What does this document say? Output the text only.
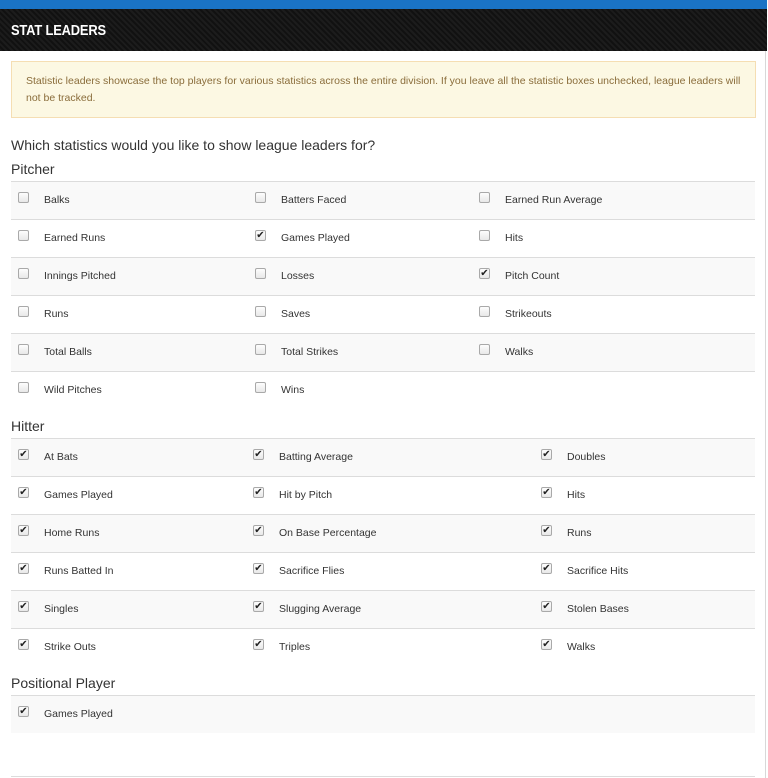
STAT LEADERS
Statistic leaders showcase the top players for various statistics across the entire division. If you leave all the statistic boxes unchecked, league leaders will not be tracked.
Which statistics would you like to show league leaders for?
Pitcher
Balks	Batters Faced	Earned Run Average
Earned Runs	✔ Games Played	Hits
Innings Pitched	Losses	✔ Pitch Count
Runs	Saves	Strikeouts
Total Balls	Total Strikes	Walks
Wild Pitches	Wins
Hitter
✔ At Bats	✔ Batting Average	✔ Doubles
✔ Games Played	✔ Hit by Pitch	✔ Hits
✔ Home Runs	✔ On Base Percentage	✔ Runs
✔ Runs Batted In	✔ Sacrifice Flies	✔ Sacrifice Hits
✔ Singles	✔ Slugging Average	✔ Stolen Bases
✔ Strike Outs	✔ Triples	✔ Walks
Positional Player
✔ Games Played
